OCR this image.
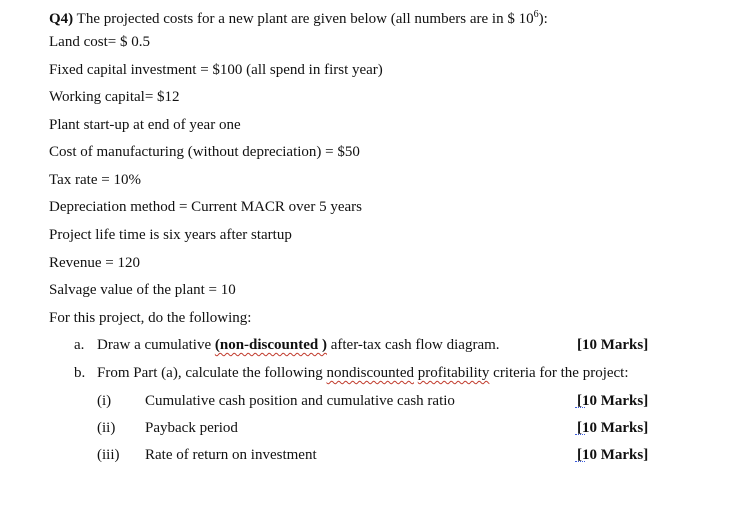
Q4) The projected costs for a new plant are given below (all numbers are in $ $10^6$):
Land cost= $ 0.5
Fixed capital investment = $100 (all spend in first year)
Working capital= $12
Plant start-up at end of year one
Cost of manufacturing (without depreciation) = $50
Tax rate = 10%
Depreciation method = Current MACR over 5 years
Project life time is six years after startup
Revenue = 120
Salvage value of the plant = 10
For this project, do the following:
a. Draw a cumulative (non-discounted ) after-tax cash flow diagram.	[10 Marks]
b. From Part (a), calculate the following nondiscounted profitability criteria for the project:
(i) Cumulative cash position and cumulative cash ratio	[10 Marks]
(ii) Payback period	[10 Marks]
(iii) Rate of return on investment	[10 Marks]
